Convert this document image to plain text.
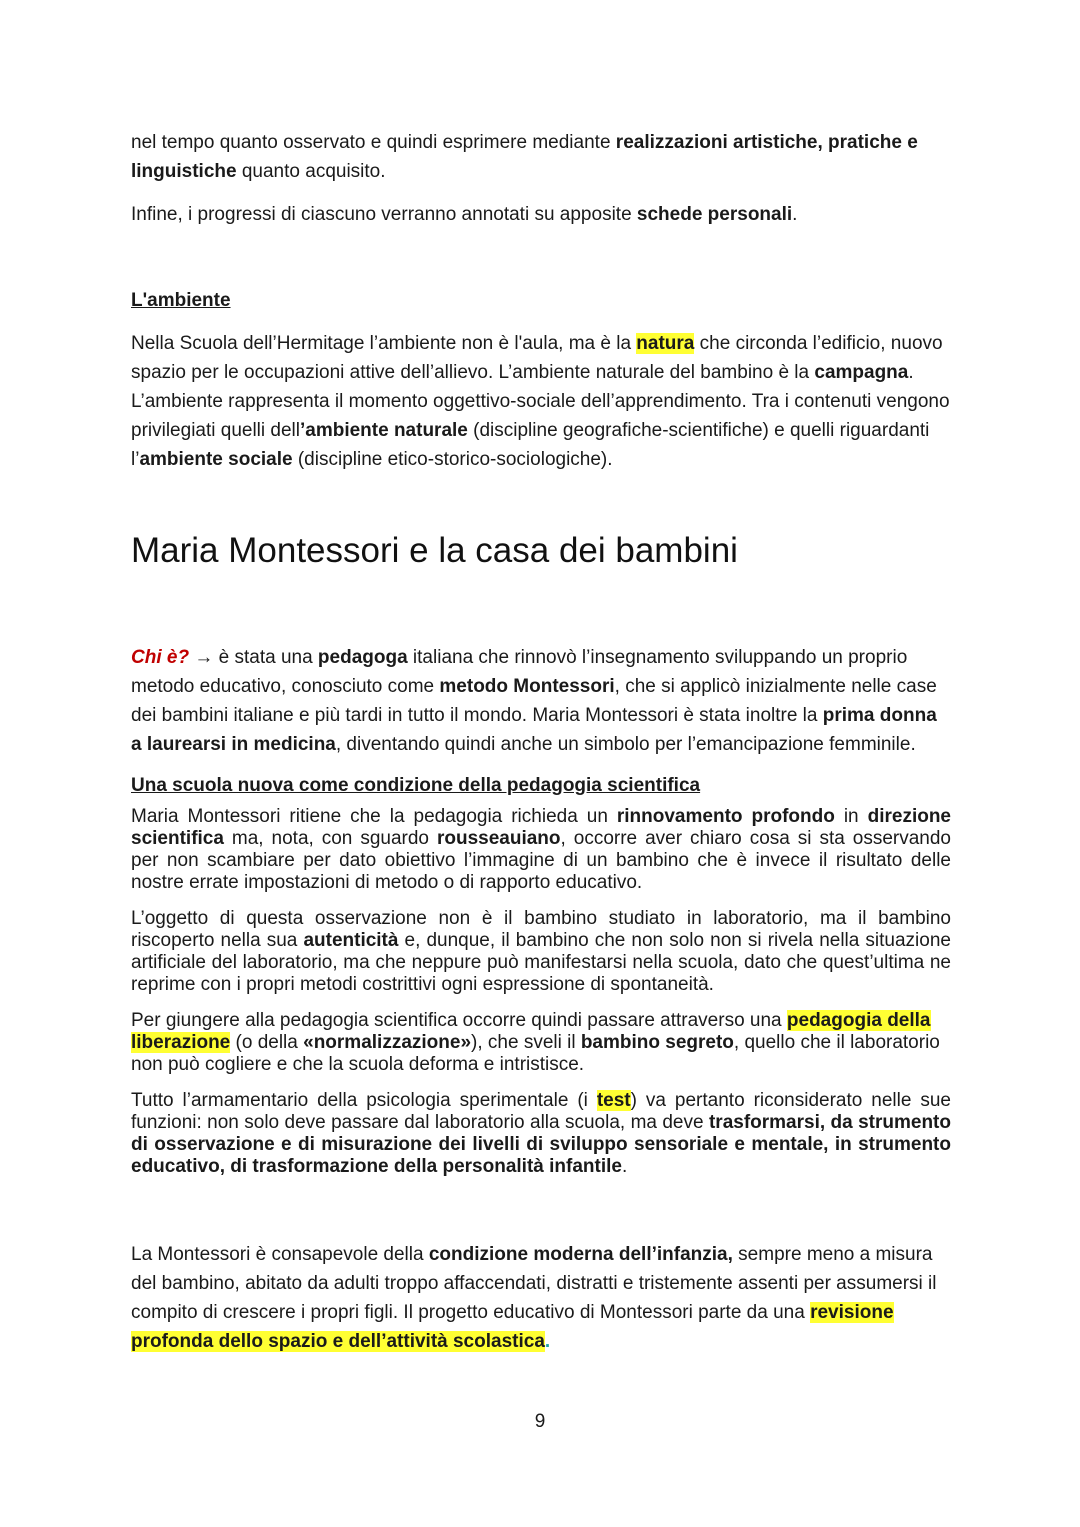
nel tempo quanto osservato e quindi esprimere mediante realizzazioni artistiche, pratiche e linguistiche quanto acquisito.

Infine, i progressi di ciascuno verranno annotati su apposite schede personali.

L'ambiente

Nella Scuola dell’Hermitage l’ambiente non è l'aula, ma è la natura che circonda l’edificio, nuovo spazio per le occupazioni attive dell’allievo. L’ambiente naturale del bambino è la campagna. L’ambiente rappresenta il momento oggettivo-sociale dell’apprendimento. Tra i contenuti vengono privilegiati quelli dell’ambiente naturale (discipline geografiche-scientifiche) e quelli riguardanti l’ambiente sociale (discipline etico-storico-sociologiche).

Maria Montessori e la casa dei bambini

Chi è? → è stata una pedagoga italiana che rinnovò l’insegnamento sviluppando un proprio metodo educativo, conosciuto come metodo Montessori, che si applicò inizialmente nelle case dei bambini italiane e più tardi in tutto il mondo. Maria Montessori è stata inoltre la prima donna a laurearsi in medicina, diventando quindi anche un simbolo per l’emancipazione femminile.

Una scuola nuova come condizione della pedagogia scientifica

Maria Montessori ritiene che la pedagogia richieda un rinnovamento profondo in direzione scientifica ma, nota, con sguardo rousseauiano, occorre aver chiaro cosa si sta osservando per non scambiare per dato obiettivo l’immagine di un bambino che è invece il risultato delle nostre errate impostazioni di metodo o di rapporto educativo.

L’oggetto di questa osservazione non è il bambino studiato in laboratorio, ma il bambino riscoperto nella sua autenticità e, dunque, il bambino che non solo non si rivela nella situazione artificiale del laboratorio, ma che neppure può manifestarsi nella scuola, dato che quest’ultima ne reprime con i propri metodi costrittivi ogni espressione di spontaneità.

Per giungere alla pedagogia scientifica occorre quindi passare attraverso una pedagogia della liberazione (o della «normalizzazione»), che sveli il bambino segreto, quello che il laboratorio non può cogliere e che la scuola deforma e intristisce.

Tutto l’armamentario della psicologia sperimentale (i test) va pertanto riconsiderato nelle sue funzioni: non solo deve passare dal laboratorio alla scuola, ma deve trasformarsi, da strumento di osservazione e di misurazione dei livelli di sviluppo sensoriale e mentale, in strumento educativo, di trasformazione della personalità infantile.

La Montessori è consapevole della condizione moderna dell’infanzia, sempre meno a misura del bambino, abitato da adulti troppo affaccendati, distratti e tristemente assenti per assumersi il compito di crescere i propri figli. Il progetto educativo di Montessori parte da una revisione profonda dello spazio e dell’attività scolastica.

9
